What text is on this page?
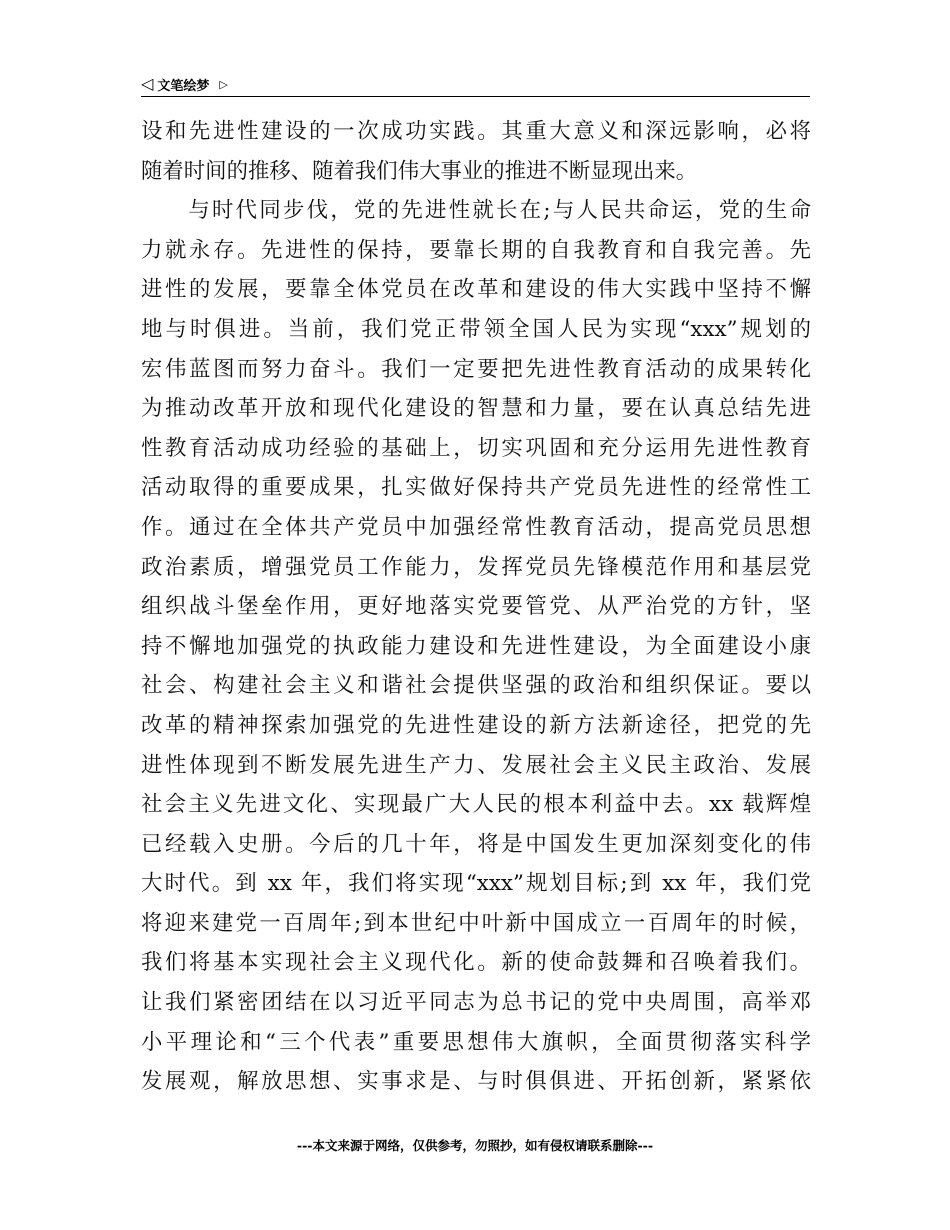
◁ 文笔绘梦 ▷
设和先进性建设的一次成功实践。其重大意义和深远影响，必将
随着时间的推移、随着我们伟大事业的推进不断显现出来。
　　与时代同步伐，党的先进性就长在;与人民共命运，党的生命
力就永存。先进性的保持，要靠长期的自我教育和自我完善。先
进性的发展，要靠全体党员在改革和建设的伟大实践中坚持不懈
地与时俱进。当前，我们党正带领全国人民为实现“xxx”规划的
宏伟蓝图而努力奋斗。我们一定要把先进性教育活动的成果转化
为推动改革开放和现代化建设的智慧和力量，要在认真总结先进
性教育活动成功经验的基础上，切实巩固和充分运用先进性教育
活动取得的重要成果，扎实做好保持共产党员先进性的经常性工
作。通过在全体共产党员中加强经常性教育活动，提高党员思想
政治素质，增强党员工作能力，发挥党员先锋模范作用和基层党
组织战斗堡垒作用，更好地落实党要管党、从严治党的方针，坚
持不懈地加强党的执政能力建设和先进性建设，为全面建设小康
社会、构建社会主义和谐社会提供坚强的政治和组织保证。要以
改革的精神探索加强党的先进性建设的新方法新途径，把党的先
进性体现到不断发展先进生产力、发展社会主义民主政治、发展
社会主义先进文化、实现最广大人民的根本利益中去。xx 载辉煌
已经载入史册。今后的几十年，将是中国发生更加深刻变化的伟
大时代。到 xx 年，我们将实现“xxx”规划目标;到 xx 年，我们党
将迎来建党一百周年;到本世纪中叶新中国成立一百周年的时候，
我们将基本实现社会主义现代化。新的使命鼓舞和召唤着我们。
让我们紧密团结在以习近平同志为总书记的党中央周围，高举邓
小平理论和“三个代表”重要思想伟大旗帜，全面贯彻落实科学
发展观，解放思想、实事求是、与时俱俱进、开拓创新，紧紧依
---本文来源于网络，仅供参考，勿照抄，如有侵权请联系删除---
